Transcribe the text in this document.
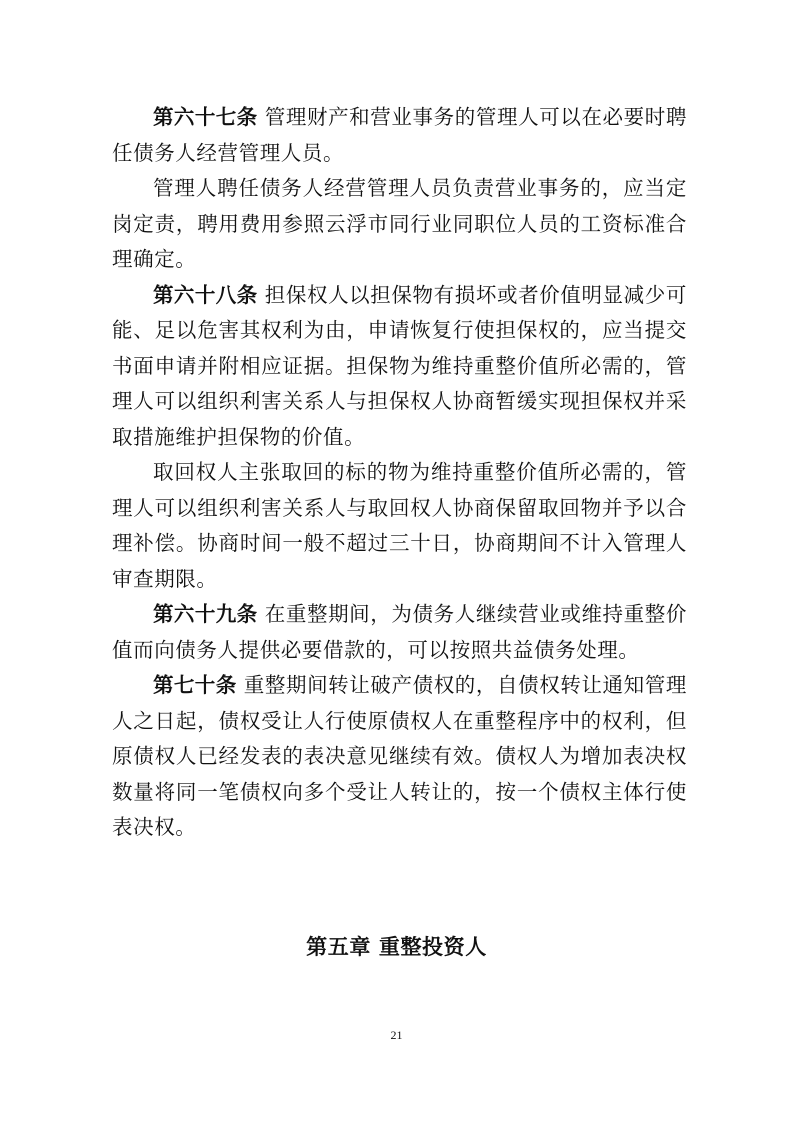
第六十七条 管理财产和营业事务的管理人可以在必要时聘任债务人经营管理人员。

管理人聘任债务人经营管理人员负责营业事务的，应当定岗定责，聘用费用参照云浮市同行业同职位人员的工资标准合理确定。

第六十八条 担保权人以担保物有损坏或者价值明显减少可能、足以危害其权利为由，申请恢复行使担保权的，应当提交书面申请并附相应证据。担保物为维持重整价值所必需的，管理人可以组织利害关系人与担保权人协商暂缓实现担保权并采取措施维护担保物的价值。

取回权人主张取回的标的物为维持重整价值所必需的，管理人可以组织利害关系人与取回权人协商保留取回物并予以合理补偿。协商时间一般不超过三十日，协商期间不计入管理人审查期限。

第六十九条 在重整期间，为债务人继续营业或维持重整价值而向债务人提供必要借款的，可以按照共益债务处理。

第七十条 重整期间转让破产债权的，自债权转让通知管理人之日起，债权受让人行使原债权人在重整程序中的权利，但原债权人已经发表的表决意见继续有效。债权人为增加表决权数量将同一笔债权向多个受让人转让的，按一个债权主体行使表决权。

第五章 重整投资人

21
